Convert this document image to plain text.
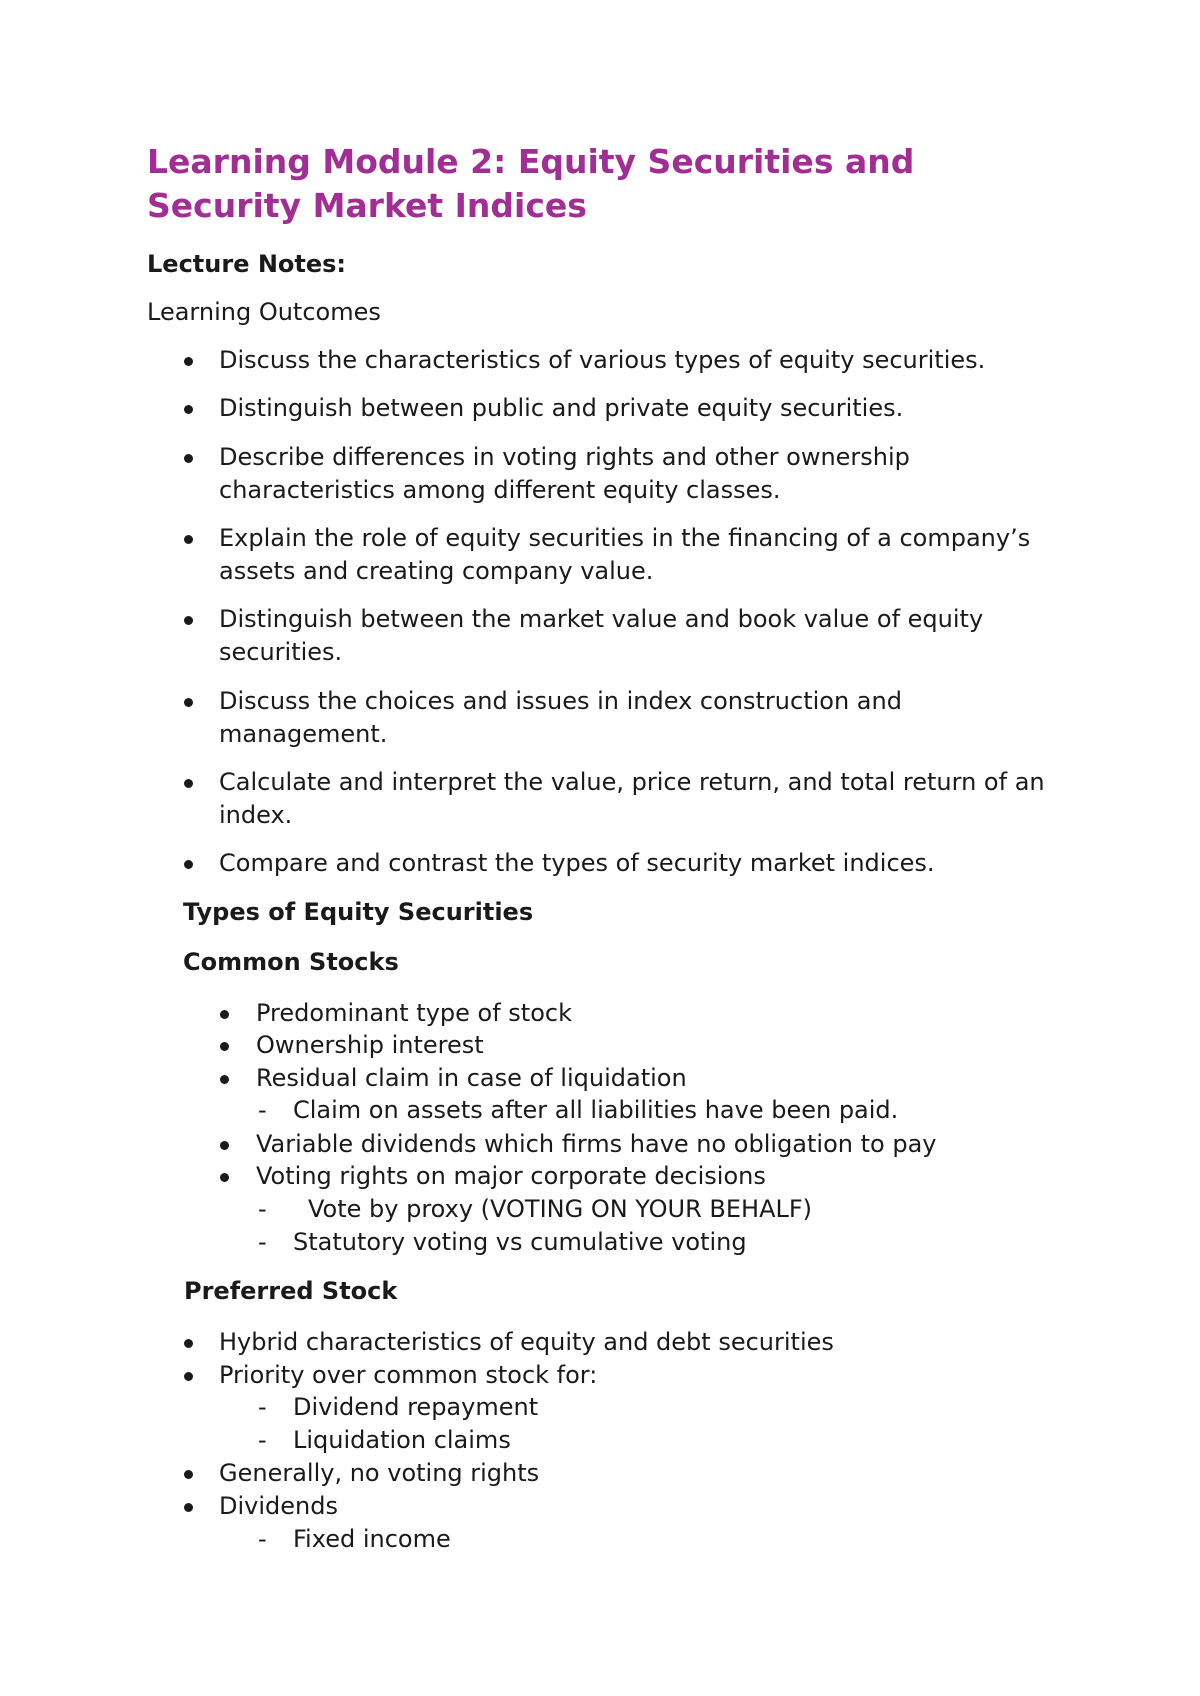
Learning Module 2: Equity Securities and
Security Market Indices
Lecture Notes:
Learning Outcomes
Discuss the characteristics of various types of equity securities.
Distinguish between public and private equity securities.
Describe differences in voting rights and other ownership
characteristics among different equity classes.
Explain the role of equity securities in the financing of a company’s
assets and creating company value.
Distinguish between the market value and book value of equity
securities.
Discuss the choices and issues in index construction and
management.
Calculate and interpret the value, price return, and total return of an
index.
Compare and contrast the types of security market indices.
Types of Equity Securities
Common Stocks
Predominant type of stock
Ownership interest
Residual claim in case of liquidation
- Claim on assets after all liabilities have been paid.
Variable dividends which firms have no obligation to pay
Voting rights on major corporate decisions
- Vote by proxy (VOTING ON YOUR BEHALF)
- Statutory voting vs cumulative voting
Preferred Stock
Hybrid characteristics of equity and debt securities
Priority over common stock for:
- Dividend repayment
- Liquidation claims
Generally, no voting rights
Dividends
- Fixed income
